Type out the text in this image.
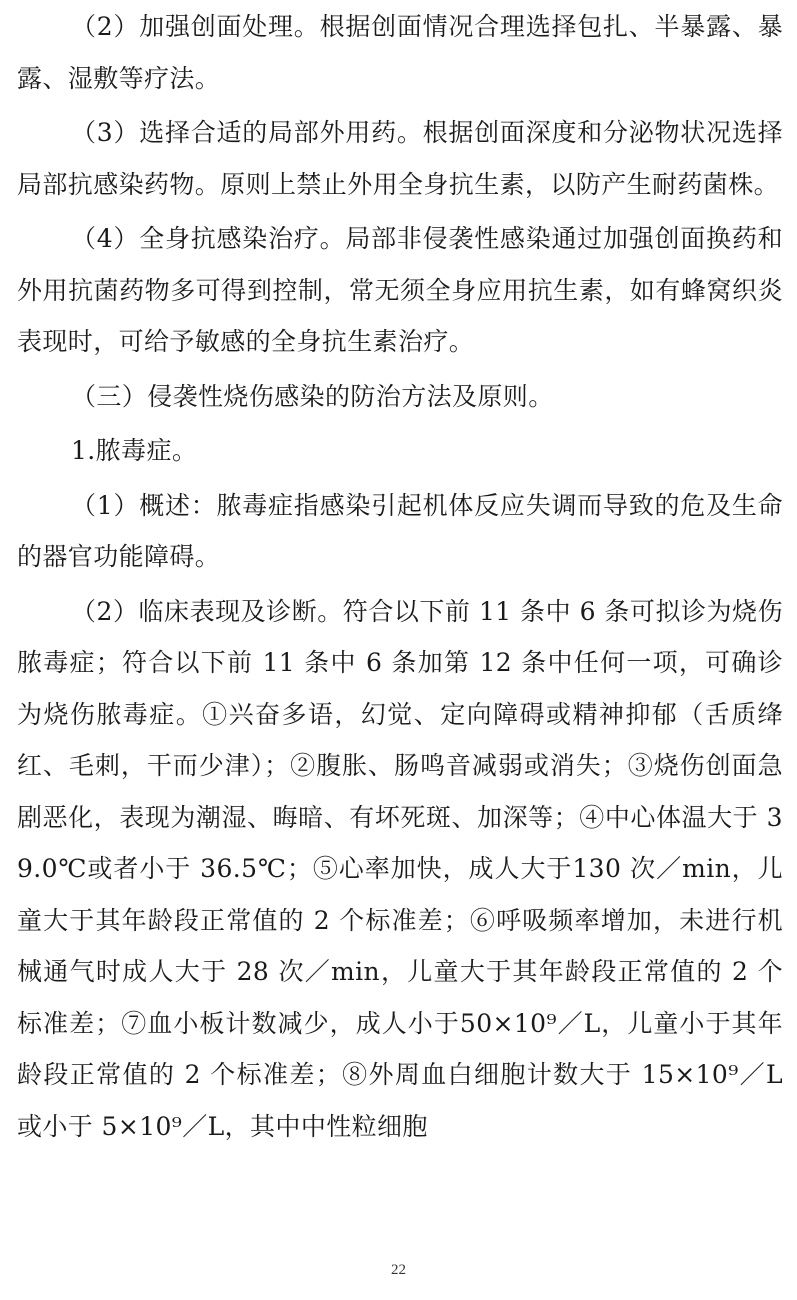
（2）加强创面处理。根据创面情况合理选择包扎、半暴露、暴露、湿敷等疗法。

（3）选择合适的局部外用药。根据创面深度和分泌物状况选择局部抗感染药物。原则上禁止外用全身抗生素，以防产生耐药菌株。

（4）全身抗感染治疗。局部非侵袭性感染通过加强创面换药和外用抗菌药物多可得到控制，常无须全身应用抗生素，如有蜂窝织炎表现时，可给予敏感的全身抗生素治疗。

（三）侵袭性烧伤感染的防治方法及原则。

1.脓毒症。

（1）概述：脓毒症指感染引起机体反应失调而导致的危及生命的器官功能障碍。

（2）临床表现及诊断。符合以下前 11 条中 6 条可拟诊为烧伤脓毒症；符合以下前 11 条中 6 条加第 12 条中任何一项，可确诊为烧伤脓毒症。①兴奋多语，幻觉、定向障碍或精神抑郁（舌质绛红、毛刺，干而少津）；②腹胀、肠鸣音减弱或消失；③烧伤创面急剧恶化，表现为潮湿、晦暗、有坏死斑、加深等；④中心体温大于 39.0℃或者小于 36.5℃；⑤心率加快，成人大于130 次／min，儿童大于其年龄段正常值的 2 个标准差；⑥呼吸频率增加，未进行机械通气时成人大于 28 次／min，儿童大于其年龄段正常值的 2 个标准差；⑦血小板计数减少，成人小于50×10⁹／L，儿童小于其年龄段正常值的 2 个标准差；⑧外周血白细胞计数大于 15×10⁹／L 或小于 5×10⁹／L，其中中性粒细胞

22
